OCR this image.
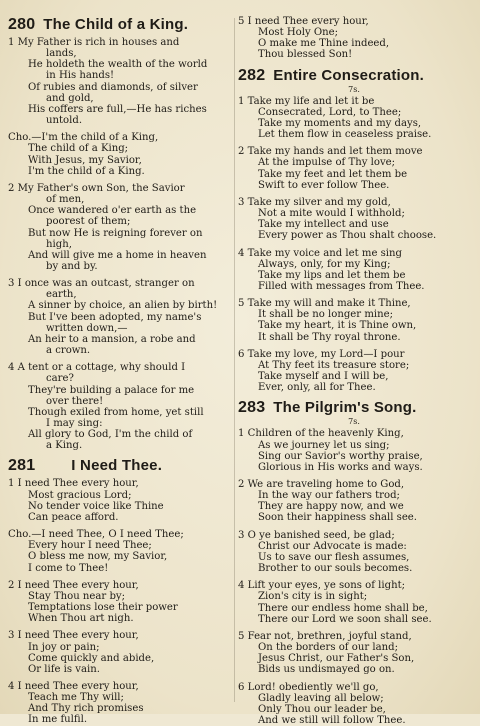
280 The Child of a King.
1 My Father is rich in houses and
lands,
He holdeth the wealth of the world
in His hands!
Of rubies and diamonds, of silver
and gold,
His coffers are full,—He has riches
untold.
Cho.—I'm the child of a King,
The child of a King;
With Jesus, my Savior,
I'm the child of a King.
2 My Father's own Son, the Savior
of men,
Once wandered o'er earth as the
poorest of them;
But now He is reigning forever on
high,
And will give me a home in heaven
by and by.
3 I once was an outcast, stranger on
earth,
A sinner by choice, an alien by birth!
But I've been adopted, my name's
written down,—
An heir to a mansion, a robe and
a crown.
4 A tent or a cottage, why should I
care?
They're building a palace for me
over there!
Though exiled from home, yet still
I may sing:
All glory to God, I'm the child of
a King.
281 I Need Thee.
1 I need Thee every hour,
Most gracious Lord;
No tender voice like Thine
Can peace afford.
Cho.—I need Thee, O I need Thee;
Every hour I need Thee;
O bless me now, my Savior,
I come to Thee!
2 I need Thee every hour,
Stay Thou near by;
Temptations lose their power
When Thou art nigh.
3 I need Thee every hour,
In joy or pain;
Come quickly and abide,
Or life is vain.
4 I need Thee every hour,
Teach me Thy will;
And Thy rich promises
In me fulfil.
5 I need Thee every hour,
Most Holy One;
O make me Thine indeed,
Thou blessed Son!
282 Entire Consecration.
7s.
1 Take my life and let it be
Consecrated, Lord, to Thee;
Take my moments and my days,
Let them flow in ceaseless praise.
2 Take my hands and let them move
At the impulse of Thy love;
Take my feet and let them be
Swift to ever follow Thee.
3 Take my silver and my gold,
Not a mite would I withhold;
Take my intellect and use
Every power as Thou shalt choose.
4 Take my voice and let me sing
Always, only, for my King;
Take my lips and let them be
Filled with messages from Thee.
5 Take my will and make it Thine,
It shall be no longer mine;
Take my heart, it is Thine own,
It shall be Thy royal throne.
6 Take my love, my Lord—I pour
At Thy feet its treasure store;
Take myself and I will be,
Ever, only, all for Thee.
283 The Pilgrim's Song.
7s.
1 Children of the heavenly King,
As we journey let us sing;
Sing our Savior's worthy praise,
Glorious in His works and ways.
2 We are traveling home to God,
In the way our fathers trod;
They are happy now, and we
Soon their happiness shall see.
3 O ye banished seed, be glad;
Christ our Advocate is made:
Us to save our flesh assumes,
Brother to our souls becomes.
4 Lift your eyes, ye sons of light;
Zion's city is in sight;
There our endless home shall be,
There our Lord we soon shall see.
5 Fear not, brethren, joyful stand,
On the borders of our land;
Jesus Christ, our Father's Son,
Bids us undismayed go on.
6 Lord! obediently we'll go,
Gladly leaving all below;
Only Thou our leader be,
And we still will follow Thee.
